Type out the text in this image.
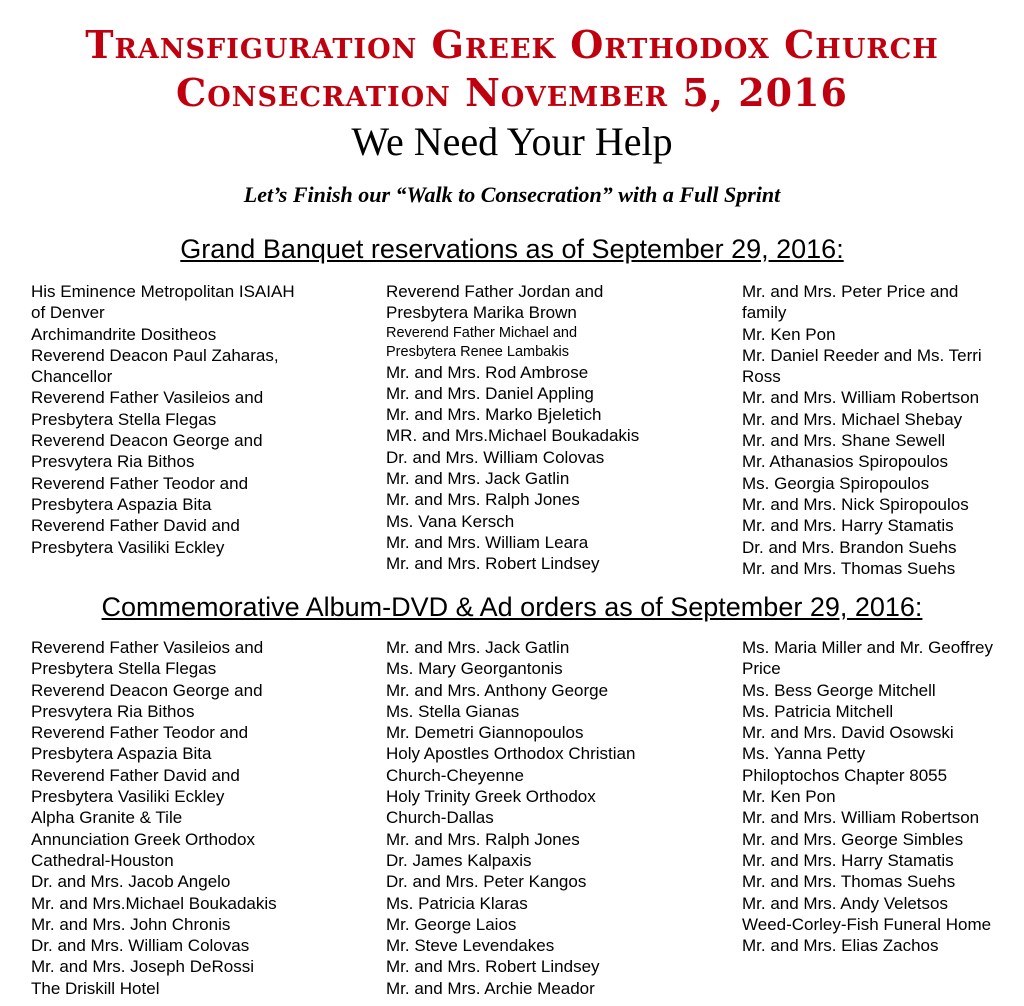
Transfiguration Greek Orthodox Church
Consecration November 5, 2016
We Need Your Help
Let’s Finish our “Walk to Consecration” with a Full Sprint
Grand Banquet reservations as of September 29, 2016:
His Eminence Metropolitan ISAIAH
of Denver
Archimandrite Dositheos
Reverend Deacon Paul Zaharas,
Chancellor
Reverend Father Vasileios and
Presbytera Stella Flegas
Reverend Deacon George and
Presvytera Ria Bithos
Reverend Father Teodor and
Presbytera Aspazia Bita
Reverend Father David and
Presbytera Vasiliki Eckley
Reverend Father Jordan and
Presbytera Marika Brown
Reverend Father Michael and
Presbytera Renee Lambakis
Mr. and Mrs. Rod Ambrose
Mr. and Mrs. Daniel Appling
Mr. and Mrs. Marko Bjeletich
MR. and Mrs.Michael Boukadakis
Dr. and Mrs. William Colovas
Mr. and Mrs. Jack Gatlin
Mr. and Mrs. Ralph Jones
Ms. Vana Kersch
Mr. and Mrs. William Leara
Mr. and Mrs. Robert Lindsey
Mr. and Mrs. Peter Price and
family
Mr. Ken Pon
Mr. Daniel Reeder and Ms. Terri
Ross
Mr. and Mrs. William Robertson
Mr. and Mrs. Michael Shebay
Mr. and Mrs. Shane Sewell
Mr. Athanasios Spiropoulos
Ms. Georgia Spiropoulos
Mr. and Mrs. Nick Spiropoulos
Mr. and Mrs. Harry Stamatis
Dr. and Mrs. Brandon Suehs
Mr. and Mrs. Thomas Suehs
Commemorative Album-DVD & Ad orders as of September 29, 2016:
Reverend Father Vasileios and
Presbytera Stella Flegas
Reverend Deacon George and
Presvytera Ria Bithos
Reverend Father Teodor and
Presbytera Aspazia Bita
Reverend Father David and
Presbytera Vasiliki Eckley
Alpha Granite & Tile
Annunciation Greek Orthodox
Cathedral-Houston
Dr. and Mrs. Jacob Angelo
Mr. and Mrs.Michael Boukadakis
Mr. and Mrs. John Chronis
Dr. and Mrs. William Colovas
Mr. and Mrs. Joseph DeRossi
The Driskill Hotel
Mr. and Mrs. Jack Gatlin
Ms. Mary Georgantonis
Mr. and Mrs. Anthony George
Ms. Stella Gianas
Mr. Demetri Giannopoulos
Holy Apostles Orthodox Christian
Church-Cheyenne
Holy Trinity Greek Orthodox
Church-Dallas
Mr. and Mrs. Ralph Jones
Dr. James Kalpaxis
Dr. and Mrs. Peter Kangos
Ms. Patricia Klaras
Mr. George Laios
Mr. Steve Levendakes
Mr. and Mrs. Robert Lindsey
Mr. and Mrs. Archie Meador
Ms. Maria Miller and Mr. Geoffrey
Price
Ms. Bess George Mitchell
Ms. Patricia Mitchell
Mr. and Mrs. David Osowski
Ms. Yanna Petty
Philoptochos Chapter 8055
Mr. Ken Pon
Mr. and Mrs. William Robertson
Mr. and Mrs. George Simbles
Mr. and Mrs. Harry Stamatis
Mr. and Mrs. Thomas Suehs
Mr. and Mrs. Andy Veletsos
Weed-Corley-Fish Funeral Home
Mr. and Mrs. Elias Zachos
